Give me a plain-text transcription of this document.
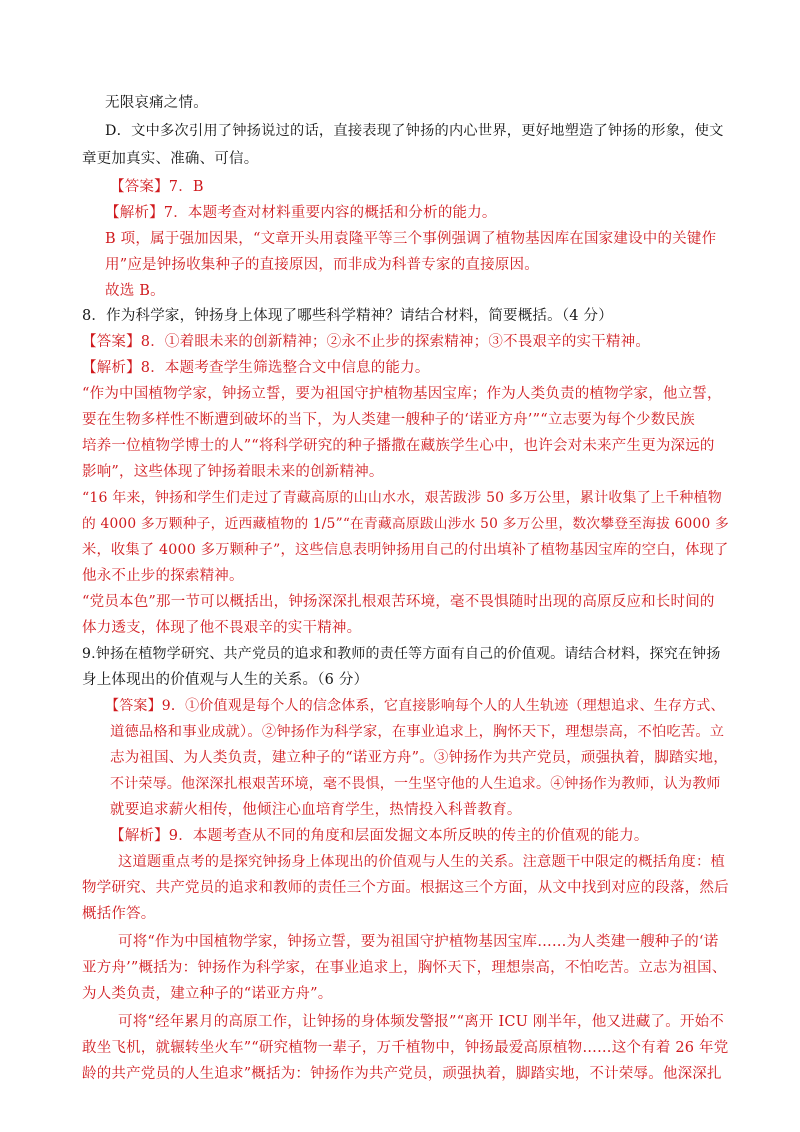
无限哀痛之情。
D．文中多次引用了钟扬说过的话，直接表现了钟扬的内心世界，更好地塑造了钟扬的形象，使文
章更加真实、准确、可信。
【答案】7．B
【解析】7．本题考查对材料重要内容的概括和分析的能力。
B 项，属于强加因果，“文章开头用袁隆平等三个事例强调了植物基因库在国家建设中的关键作
用”应是钟扬收集种子的直接原因，而非成为科普专家的直接原因。
故选 B。
8．作为科学家，钟扬身上体现了哪些科学精神？请结合材料，简要概括。（4 分）
【答案】8．①着眼未来的创新精神；②永不止步的探索精神；③不畏艰辛的实干精神。
【解析】8．本题考查学生筛选整合文中信息的能力。
“作为中国植物学家，钟扬立誓，要为祖国守护植物基因宝库；作为人类负责的植物学家，他立誓，
要在生物多样性不断遭到破坏的当下，为人类建一艘种子的‘诺亚方舟’”“立志要为每个少数民族
培养一位植物学博士的人”“将科学研究的种子播撒在藏族学生心中，也许会对未来产生更为深远的
影响”，这些体现了钟扬着眼未来的创新精神。
“16 年来，钟扬和学生们走过了青藏高原的山山水水，艰苦跋涉 50 多万公里，累计收集了上千种植物
的 4000 多万颗种子，近西藏植物的 1/5”“在青藏高原跋山涉水 50 多万公里，数次攀登至海拔 6000 多
米，收集了 4000 多万颗种子”，这些信息表明钟扬用自己的付出填补了植物基因宝库的空白，体现了
他永不止步的探索精神。
“党员本色”那一节可以概括出，钟扬深深扎根艰苦环境，毫不畏惧随时出现的高原反应和长时间的
体力透支，体现了他不畏艰辛的实干精神。
9.钟扬在植物学研究、共产党员的追求和教师的责任等方面有自己的价值观。请结合材料，探究在钟扬
身上体现出的价值观与人生的关系。（6 分）
【答案】9．①价值观是每个人的信念体系，它直接影响每个人的人生轨迹（理想追求、生存方式、
道德品格和事业成就）。②钟扬作为科学家，在事业追求上，胸怀天下，理想崇高，不怕吃苦。立
志为祖国、为人类负责，建立种子的“诺亚方舟”。③钟扬作为共产党员，顽强执着，脚踏实地，
不计荣辱。他深深扎根艰苦环境，毫不畏惧，一生坚守他的人生追求。④钟扬作为教师，认为教师
就要追求薪火相传，他倾注心血培育学生，热情投入科普教育。
【解析】9．本题考查从不同的角度和层面发掘文本所反映的传主的价值观的能力。
这道题重点考的是探究钟扬身上体现出的价值观与人生的关系。注意题干中限定的概括角度：植
物学研究、共产党员的追求和教师的责任三个方面。根据这三个方面，从文中找到对应的段落，然后
概括作答。
可将“作为中国植物学家，钟扬立誓，要为祖国守护植物基因宝库……为人类建一艘种子的‘诺
亚方舟’”概括为：钟扬作为科学家，在事业追求上，胸怀天下，理想崇高，不怕吃苦。立志为祖国、
为人类负责，建立种子的“诺亚方舟”。
可将“经年累月的高原工作，让钟扬的身体频发警报”“离开 ICU 刚半年，他又进藏了。开始不
敢坐飞机，就辗转坐火车”“研究植物一辈子，万千植物中，钟扬最爱高原植物……这个有着 26 年党
龄的共产党员的人生追求”概括为：钟扬作为共产党员，顽强执着，脚踏实地，不计荣辱。他深深扎
